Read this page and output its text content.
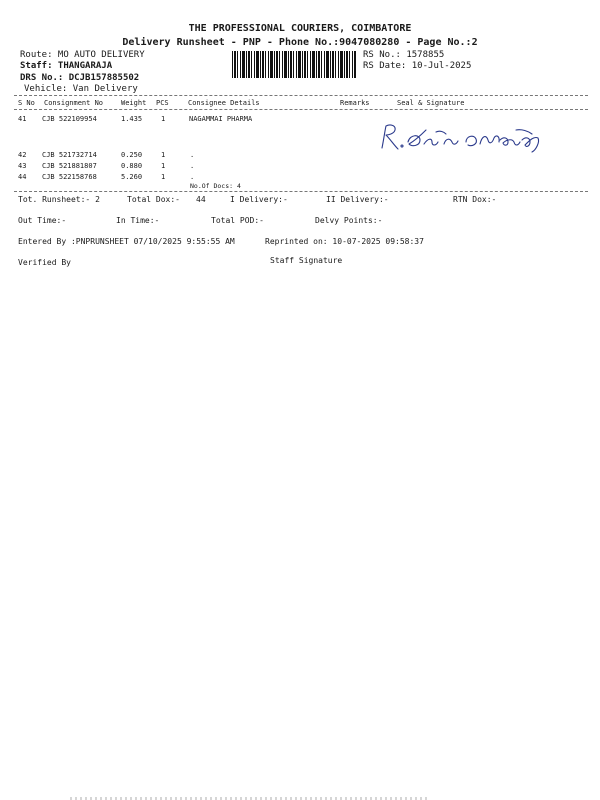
THE PROFESSIONAL COURIERS, COIMBATORE
Delivery Runsheet - PNP - Phone No.:9047080280 - Page No.:2
Route: MO AUTO DELIVERY
Staff: THANGARAJA
DRS No.: DCJB157885502
Vehicle: Van Delivery
RS No.: 1578855
RS Date: 10-Jul-2025
S No Consignment No	Weight PCS	Consignee Details	Remarks	Seal & Signature
41 CJB 522109954	1.435	1	NAGAMMAI PHARMA
42 CJB 521732714	0.250	1	.
43 CJB 521881807	0.880	1	.
44 CJB 522158768	5.260	1	.
No.Of Docs: 4
Tot. Runsheet:- 2	Total Dox:- 44	I Delivery:-	II Delivery:-	RTN Dox:-
Out Time:-	In Time:-	Total POD:-	Delvy Points:-
Entered By :PNPRUNSHEET 07/10/2025 9:55:55 AM	Reprinted on: 10-07-2025 09:58:37
Verified By	Staff Signature
